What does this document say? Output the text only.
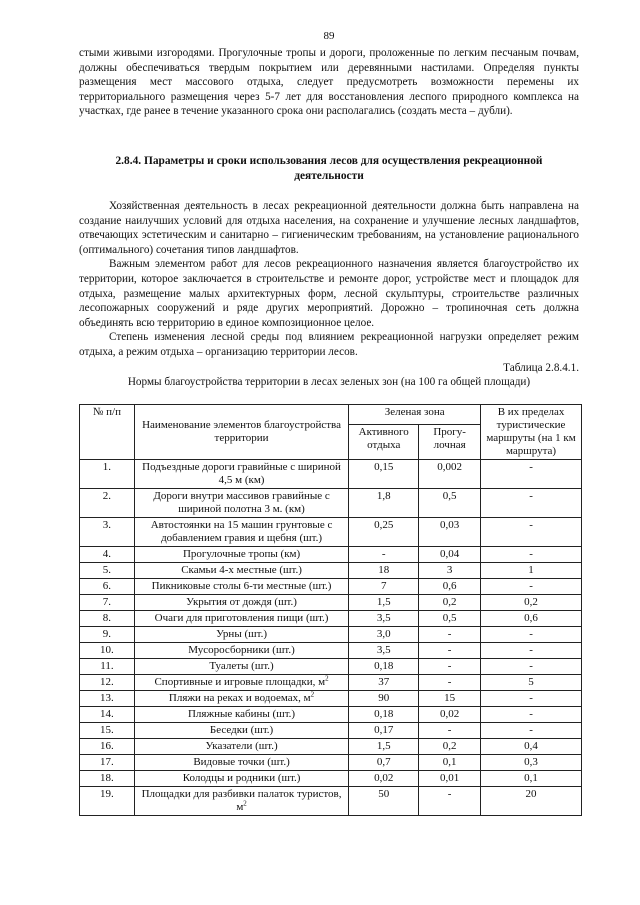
89

стыми живыми изгородями. Прогулочные тропы и дороги, проложенные по легким песчаным почвам, должны обеспечиваться твердым покрытием или деревянными настилами. Определяя пункты размещения мест массового отдыха, следует предусмотреть возможности перемены их территориального размещения через 5-7 лет для восстановления леспого природного комплекса на участках, где ранее в течение указанного срока они располагались (создать места – дубли).

2.8.4. Параметры и сроки использования лесов для осуществления рекреационной деятельности

Хозяйственная деятельность в лесах рекреационной деятельности должна быть направлена на создание наилучших условий для отдыха населения, на сохранение и улучшение лесных ландшафтов, отвечающих эстетическим и санитарно – гигиеническим требованиям, на установление рационального (оптимального) сочетания типов ландшафтов.

Важным элементом работ для лесов рекреационного назначения является благоустройство их территории, которое заключается в строительстве и ремонте дорог, устройстве мест и площадок для отдыха, размещение малых архитектурных форм, лесной скульптуры, строительстве различных лесопожарных сооружений и ряде других мероприятий. Дорожно – тропиночная сеть должна объединять всю территорию в единое композиционное целое.

Степень изменения лесной среды под влиянием рекреационной нагрузки определяет режим отдыха, а режим отдыха – организацию территории лесов.

Таблица 2.8.4.1.
Нормы благоустройства территории в лесах зеленых зон (на 100 га общей площади)
№ п/п	Наименование элементов благоустройства территории	Зеленая зона		В их пределах туристические маршруты (на 1 км маршрута)
		Активного отдыха	Прогу-лочная	
1.	Подъездные дороги гравийные с шириной 4,5 м (км)	0,15	0,002	-
2.	Дороги внутри массивов гравийные с шириной полотна 3 м. (км)	1,8	0,5	-
3.	Автостоянки на 15 машин грунтовые с добавлением гравия и щебня (шт.)	0,25	0,03	-
4.	Прогулочные тропы (км)	-	0,04	-
5.	Скамьи 4-х местные (шт.)	18	3	1
6.	Пикниковые столы 6-ти местные (шт.)	7	0,6	-
7.	Укрытия от дождя (шт.)	1,5	0,2	0,2
8.	Очаги для приготовления пищи (шт.)	3,5	0,5	0,6
9.	Урны (шт.)	3,0	-	-
10.	Мусоросборники (шт.)	3,5	-	-
11.	Туалеты (шт.)	0,18	-	-
12.	Спортивные и игровые площадки, $м^2$	37	-	5
13.	Пляжи на реках и водоемах, $м^2$	90	15	-
14.	Пляжные кабины (шт.)	0,18	0,02	-
15.	Беседки (шт.)	0,17	-	-
16.	Указатели (шт.)	1,5	0,2	0,4
17.	Видовые точки (шт.)	0,7	0,1	0,3
18.	Колодцы и родники (шт.)	0,02	0,01	0,1
19.	Площадки для разбивки палаток туристов, $м^2$	50	-	20
